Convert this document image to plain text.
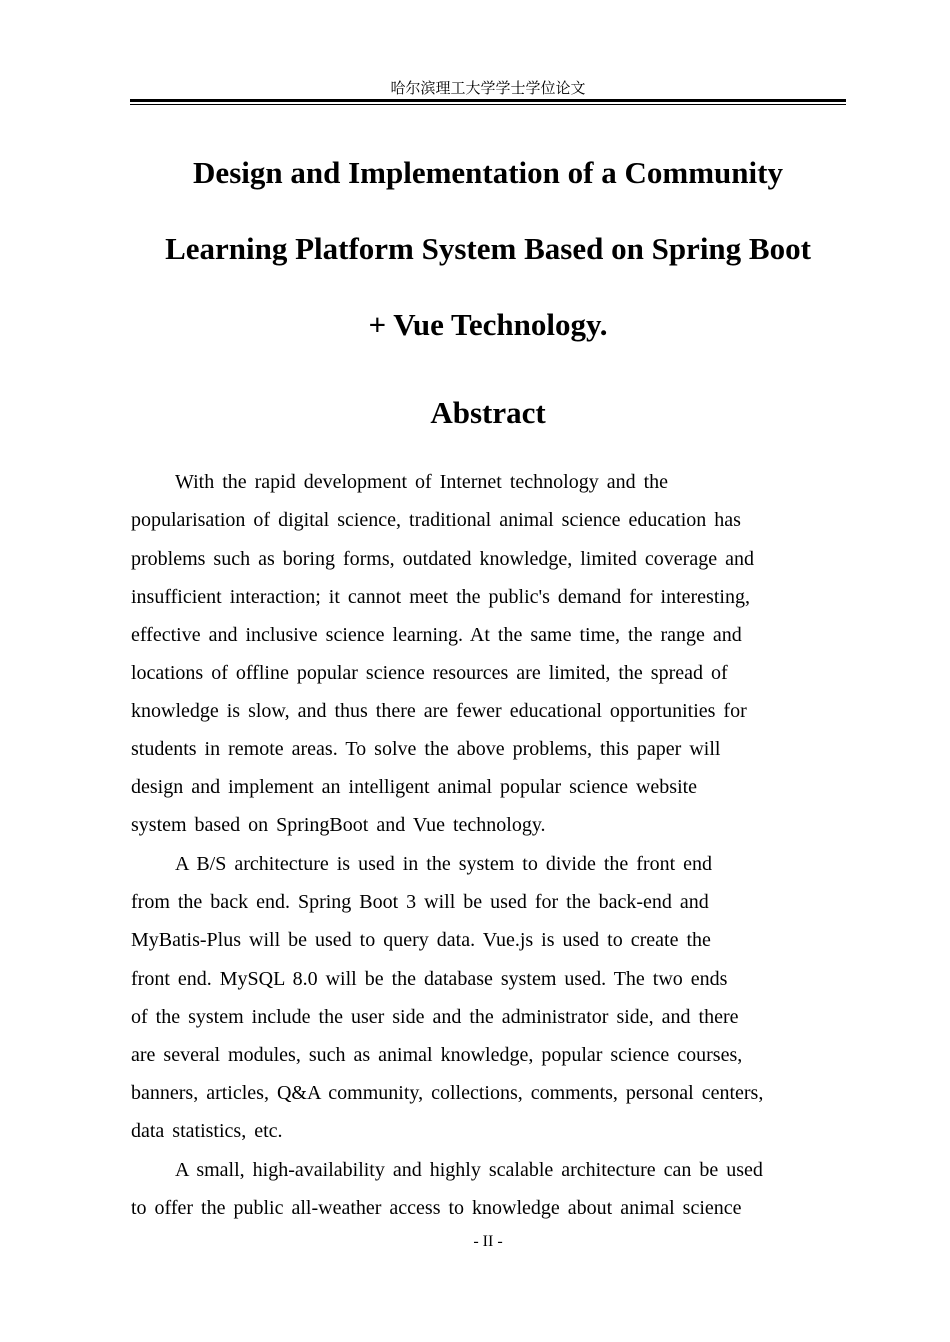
哈尔滨理工大学学士学位论文
Design and Implementation of a Community
Learning Platform System Based on Spring Boot
+ Vue Technology.
Abstract
With the rapid development of Internet technology and the
popularisation of digital science, traditional animal science education has
problems such as boring forms, outdated knowledge, limited coverage and
insufficient interaction; it cannot meet the public's demand for interesting,
effective and inclusive science learning. At the same time, the range and
locations of offline popular science resources are limited, the spread of
knowledge is slow, and thus there are fewer educational opportunities for
students in remote areas. To solve the above problems, this paper will
design and implement an intelligent animal popular science website
system based on SpringBoot and Vue technology.
A B/S architecture is used in the system to divide the front end
from the back end. Spring Boot 3 will be used for the back-end and
MyBatis-Plus will be used to query data. Vue.js is used to create the
front end. MySQL 8.0 will be the database system used. The two ends
of the system include the user side and the administrator side, and there
are several modules, such as animal knowledge, popular science courses,
banners, articles, Q&A community, collections, comments, personal centers,
data statistics, etc.
A small, high-availability and highly scalable architecture can be used
to offer the public all-weather access to knowledge about animal science
- II -
